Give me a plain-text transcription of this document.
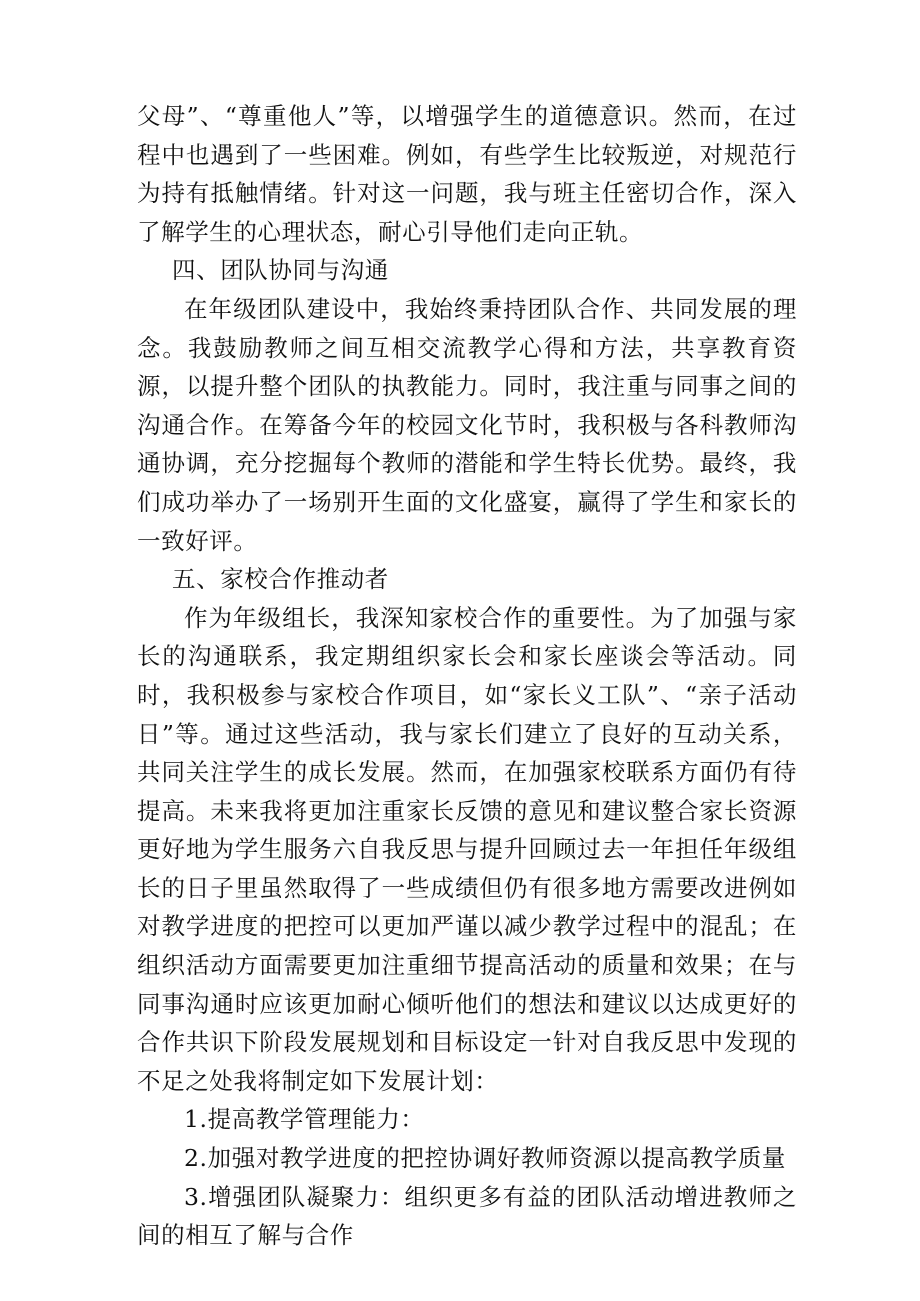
父母”、“尊重他人”等，以增强学生的道德意识。然而，在过程中也遇到了一些困难。例如，有些学生比较叛逆，对规范行为持有抵触情绪。针对这一问题，我与班主任密切合作，深入了解学生的心理状态，耐心引导他们走向正轨。

四、团队协同与沟通

在年级团队建设中，我始终秉持团队合作、共同发展的理念。我鼓励教师之间互相交流教学心得和方法，共享教育资源，以提升整个团队的执教能力。同时，我注重与同事之间的沟通合作。在筹备今年的校园文化节时，我积极与各科教师沟通协调，充分挖掘每个教师的潜能和学生特长优势。最终，我们成功举办了一场别开生面的文化盛宴，赢得了学生和家长的一致好评。

五、家校合作推动者

作为年级组长，我深知家校合作的重要性。为了加强与家长的沟通联系，我定期组织家长会和家长座谈会等活动。同时，我积极参与家校合作项目，如“家长义工队”、“亲子活动日”等。通过这些活动，我与家长们建立了良好的互动关系，共同关注学生的成长发展。然而，在加强家校联系方面仍有待提高。未来我将更加注重家长反馈的意见和建议整合家长资源更好地为学生服务六自我反思与提升回顾过去一年担任年级组长的日子里虽然取得了一些成绩但仍有很多地方需要改进例如对教学进度的把控可以更加严谨以减少教学过程中的混乱；在组织活动方面需要更加注重细节提高活动的质量和效果；在与同事沟通时应该更加耐心倾听他们的想法和建议以达成更好的合作共识下阶段发展规划和目标设定一针对自我反思中发现的不足之处我将制定如下发展计划：

1.提高教学管理能力：

2.加强对教学进度的把控协调好教师资源以提高教学质量

3.增强团队凝聚力：组织更多有益的团队活动增进教师之间的相互了解与合作
